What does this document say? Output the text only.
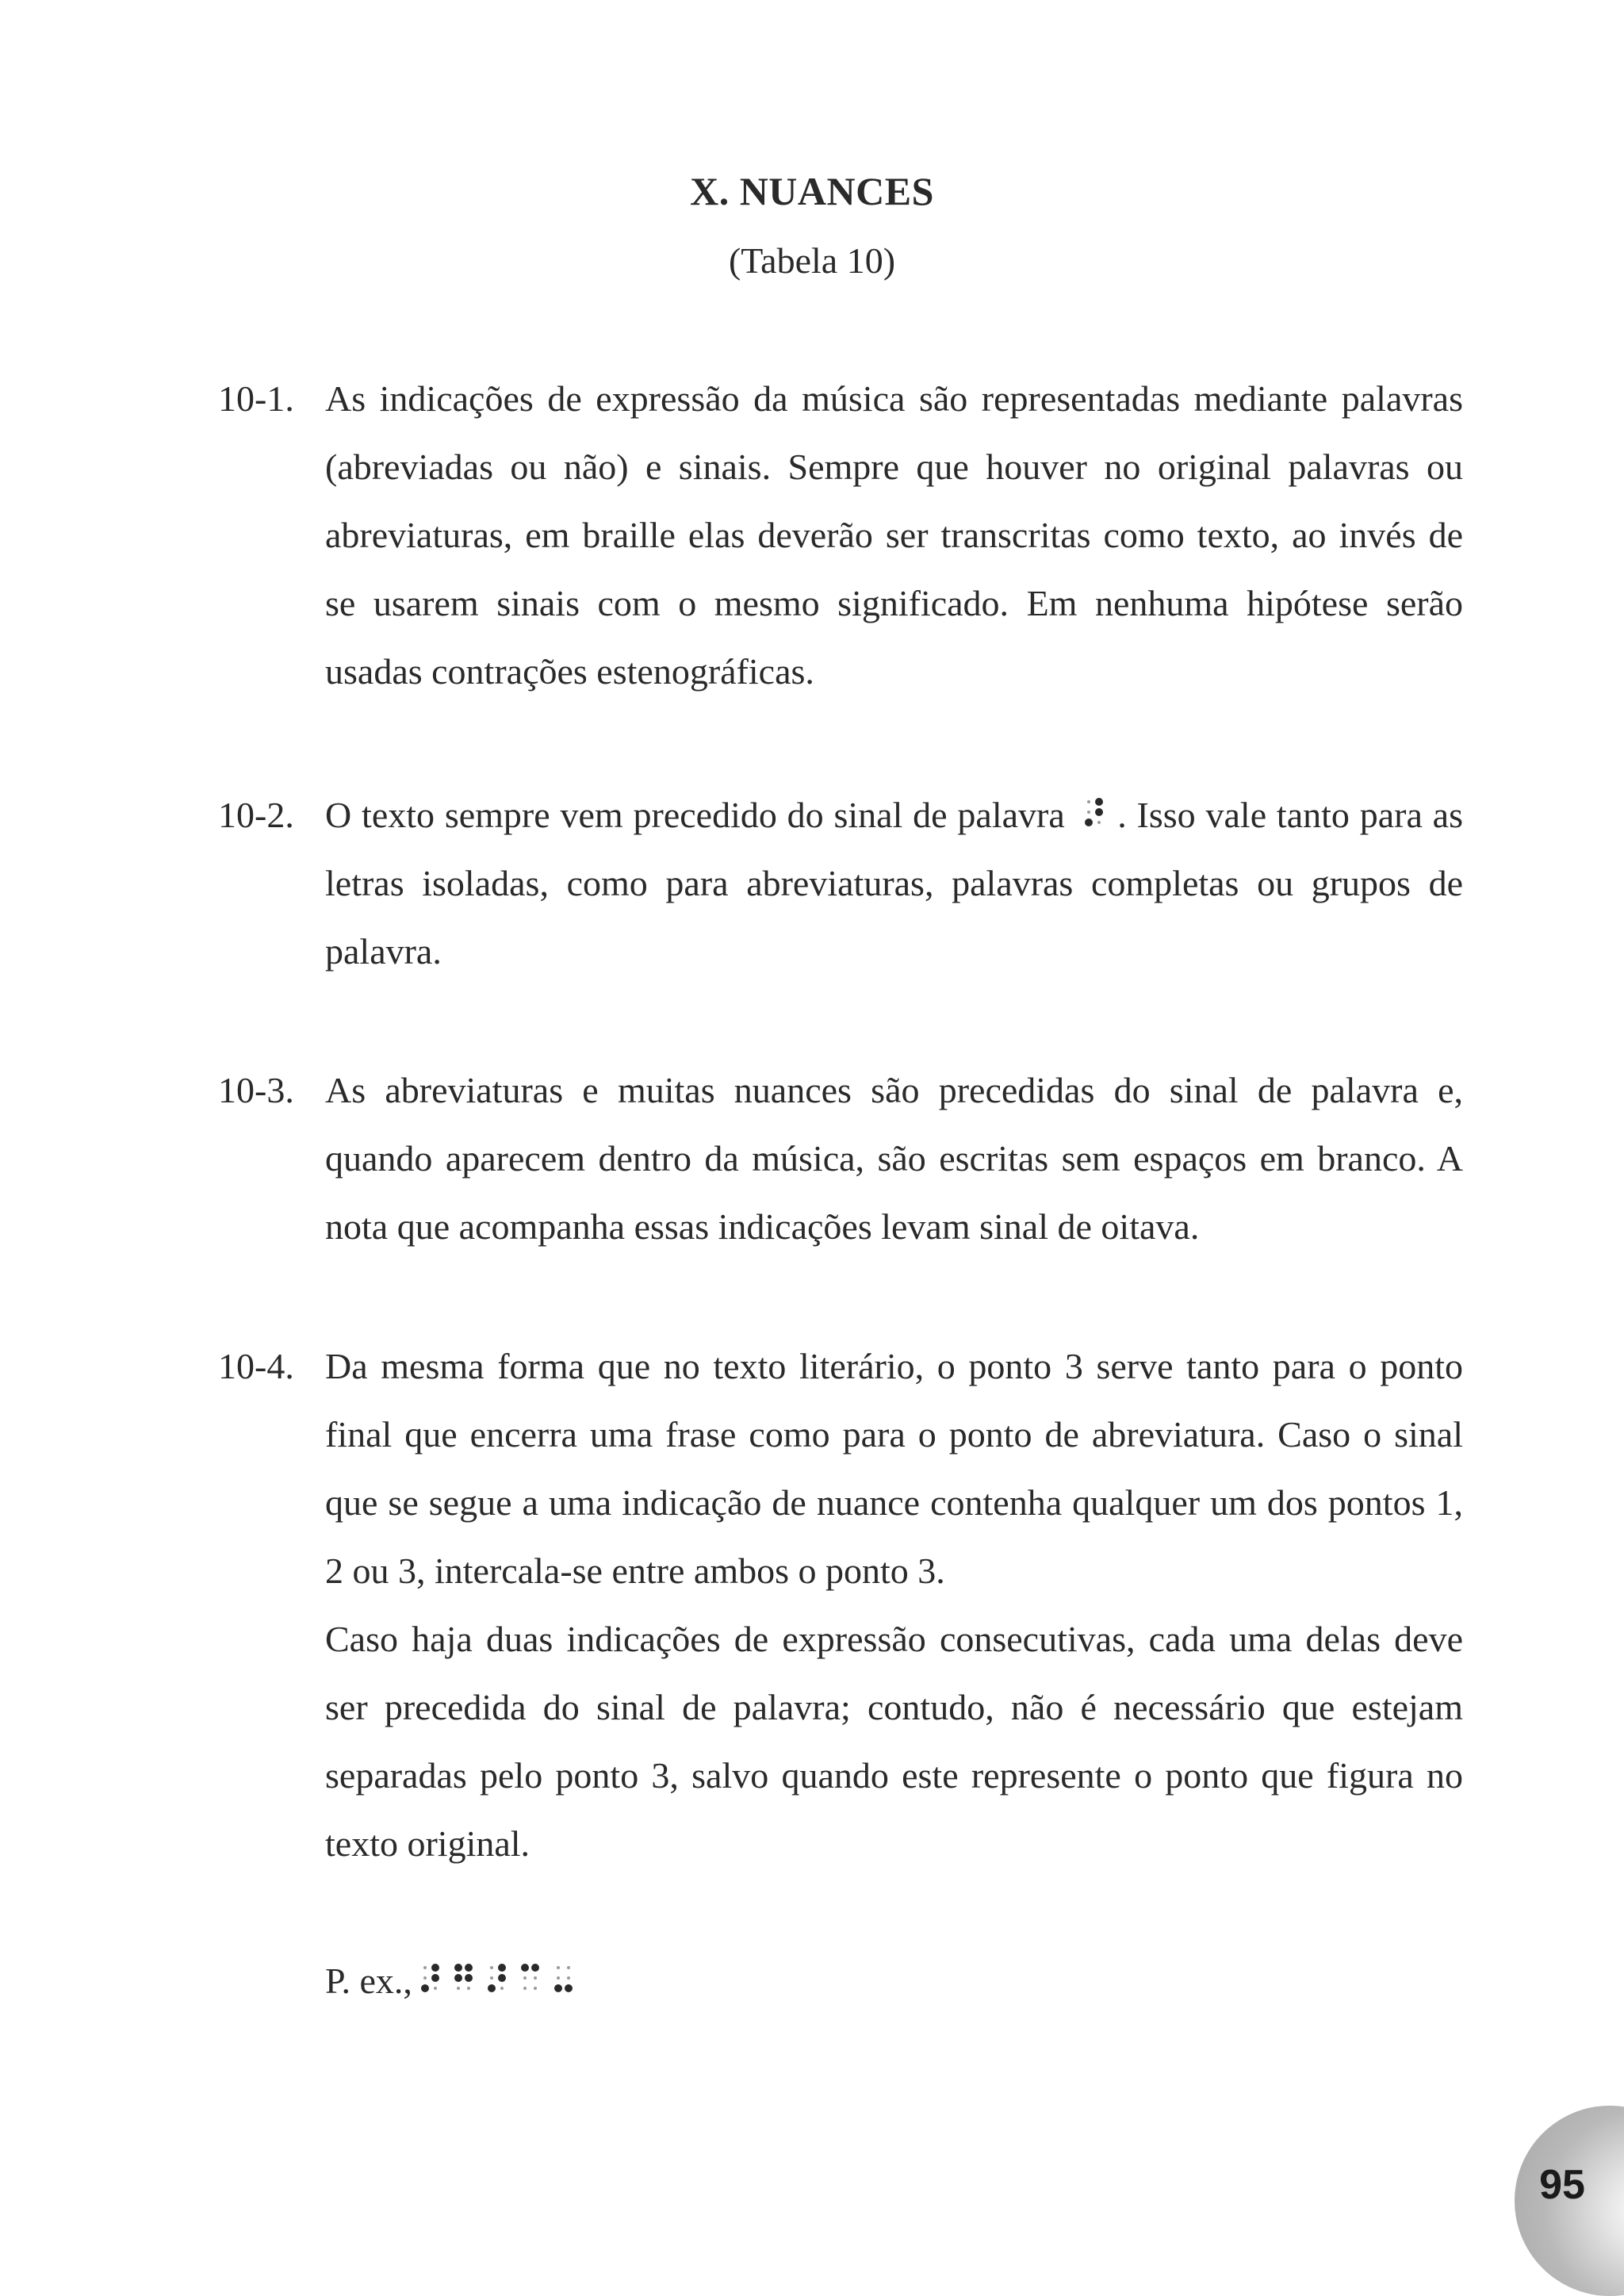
X. NUANCES
(Tabela 10)
10-1. As indicações de expressão da música são representadas mediante palavras (abreviadas ou não) e sinais. Sempre que houver no original palavras ou abreviaturas, em braille elas deverão ser transcritas como texto, ao invés de se usarem sinais com o mesmo significado. Em nenhuma hipótese serão usadas contrações estenográficas.

10-2. O texto sempre vem precedido do sinal de palavra . Isso vale tanto para as letras isoladas, como para abreviaturas, palavras completas ou grupos de palavra.

10-3. As abreviaturas e muitas nuances são precedidas do sinal de palavra e, quando aparecem dentro da música, são escritas sem espaços em branco. A nota que acompanha essas indicações levam sinal de oitava.

10-4. Da mesma forma que no texto literário, o ponto 3 serve tanto para o ponto final que encerra uma frase como para o ponto de abreviatura. Caso o sinal que se segue a uma indicação de nuance contenha qualquer um dos pontos 1, 2 ou 3, intercala-se entre ambos o ponto 3.

Caso haja duas indicações de expressão consecutivas, cada uma delas deve ser precedida do sinal de palavra; contudo, não é necessário que estejam separadas pelo ponto 3, salvo quando este represente o ponto que figura no texto original.

P. ex.,
95
